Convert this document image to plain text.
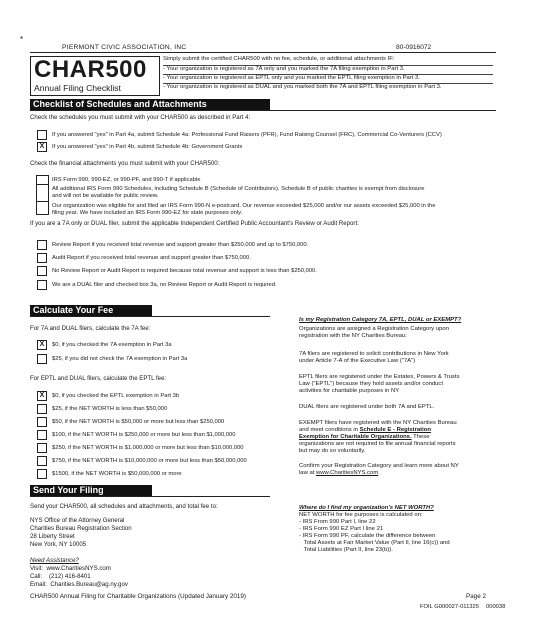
*
PIERMONT CIVIC ASSOCIATION, INC	80-0916072
CHAR500
Annual Filing Checklist
Simply submit the certified CHAR500 with no fee, schedule, or additional attachments IF:
- Your organization is registered as 7A only and you marked the 7A filing exemption in Part 3.
- Your organization is registered as EPTL only and you marked the EPTL filing exemption in Part 3.
- Your organization is registered as DUAL and you marked both the 7A and EPTL filing exemption in Part 3.
Checklist of Schedules and Attachments
Check the schedules you must submit with your CHAR500 as described in Part 4:
If you answered "yes" in Part 4a, submit Schedule 4a: Professional Fund Raisers (PFR), Fund Raising Counsel (FRC), Commercial Co-Venturers (CCV)
X If you answered "yes" in Part 4b, submit Schedule 4b: Government Grants
Check the financial attachments you must submit with your CHAR500:
IRS Form 990, 990-EZ, or 990-PF, and 990-T if applicable
All additional IRS Form 990 Schedules, including Schedule B (Schedule of Contributors). Schedule B of public charities is exempt from disclosure
and will not be available for public review.
Our organization was eligible for and filed an IRS Form 990-N e-postcard. Our revenue exceeded $25,000 and/or our assets exceeded $25,000 in the
filing year. We have included an IRS Form 990-EZ for state purposes only.
If you are a 7A only or DUAL filer, submit the applicable Independent Certified Public Accountant's Review or Audit Report:
Review Report if you received total revenue and support greater than $250,000 and up to $750,000.
Audit Report if you received total revenue and support greater than $750,000.
No Review Report or Audit Report is required because total revenue and support is less than $250,000.
We are a DUAL filer and checked box 3a, no Review Report or Audit Report is required.
Calculate Your Fee
For 7A and DUAL filers, calculate the 7A fee:
X $0, if you checked the 7A exemption in Part 3a
$25, if you did not check the 7A exemption in Part 3a
For EPTL and DUAL filers, calculate the EPTL fee:
X $0, if you checked the EPTL exemption in Part 3b
$25, if the NET WORTH is less than $50,000
$50, if the NET WORTH is $50,000 or more but less than $250,000
$100, if the NET WORTH is $250,000 or more but less than $1,000,000
$250, if the NET WORTH is $1,000,000 or more but less than $10,000,000
$750, if the NET WORTH is $10,000,000 or more but less than $50,000,000
$1500, if the NET WORTH is $50,000,000 or more
Is my Registration Category 7A, EPTL, DUAL or EXEMPT?
Organizations are assigned a Registration Category upon
registration with the NY Charities Bureau:
7A filers are registered to solicit contributions in New York
under Article 7-A of the Executive Law ("7A")
EPTL filers are registered under the Estates, Powers & Trusts
Law ("EPTL") because they hold assets and/or conduct
activities for charitable purposes in NY
DUAL filers are registered under both 7A and EPTL.
EXEMPT filers have registered with the NY Charities Bureau
and meet conditions in Schedule E - Registration
Exemption for Charitable Organizations. These
organizations are not required to file annual financial reports
but may do so voluntarily.
Confirm your Registration Category and learn more about NY
law at www.CharitiesNYS.com
Send Your Filing
Send your CHAR500, all schedules and attachments, and total fee to:
NYS Office of the Attorney General
Charities Bureau Registration Section
28 Liberty Street
New York, NY 10005
Need Assistance?
Visit: www.CharitiesNYS.com
Call: (212) 416-8401
Email: Charities.Bureau@ag.ny.gov
Where do I find my organization's NET WORTH?
NET WORTH for fee purposes is calculated on:
- IRS From 990 Part I, line 22
- IRS Form 990 EZ Part I line 21
- IRS Form 990 PF, calculate the difference between
Total Assets at Fair Market Value (Part II, line 16(c)) and
Total Liabilities (Part II, line 23(b)).
CHAR500 Annual Filing for Charitable Organizations (Updated January 2019)	Page 2
FOIL G000027-011325 000038
